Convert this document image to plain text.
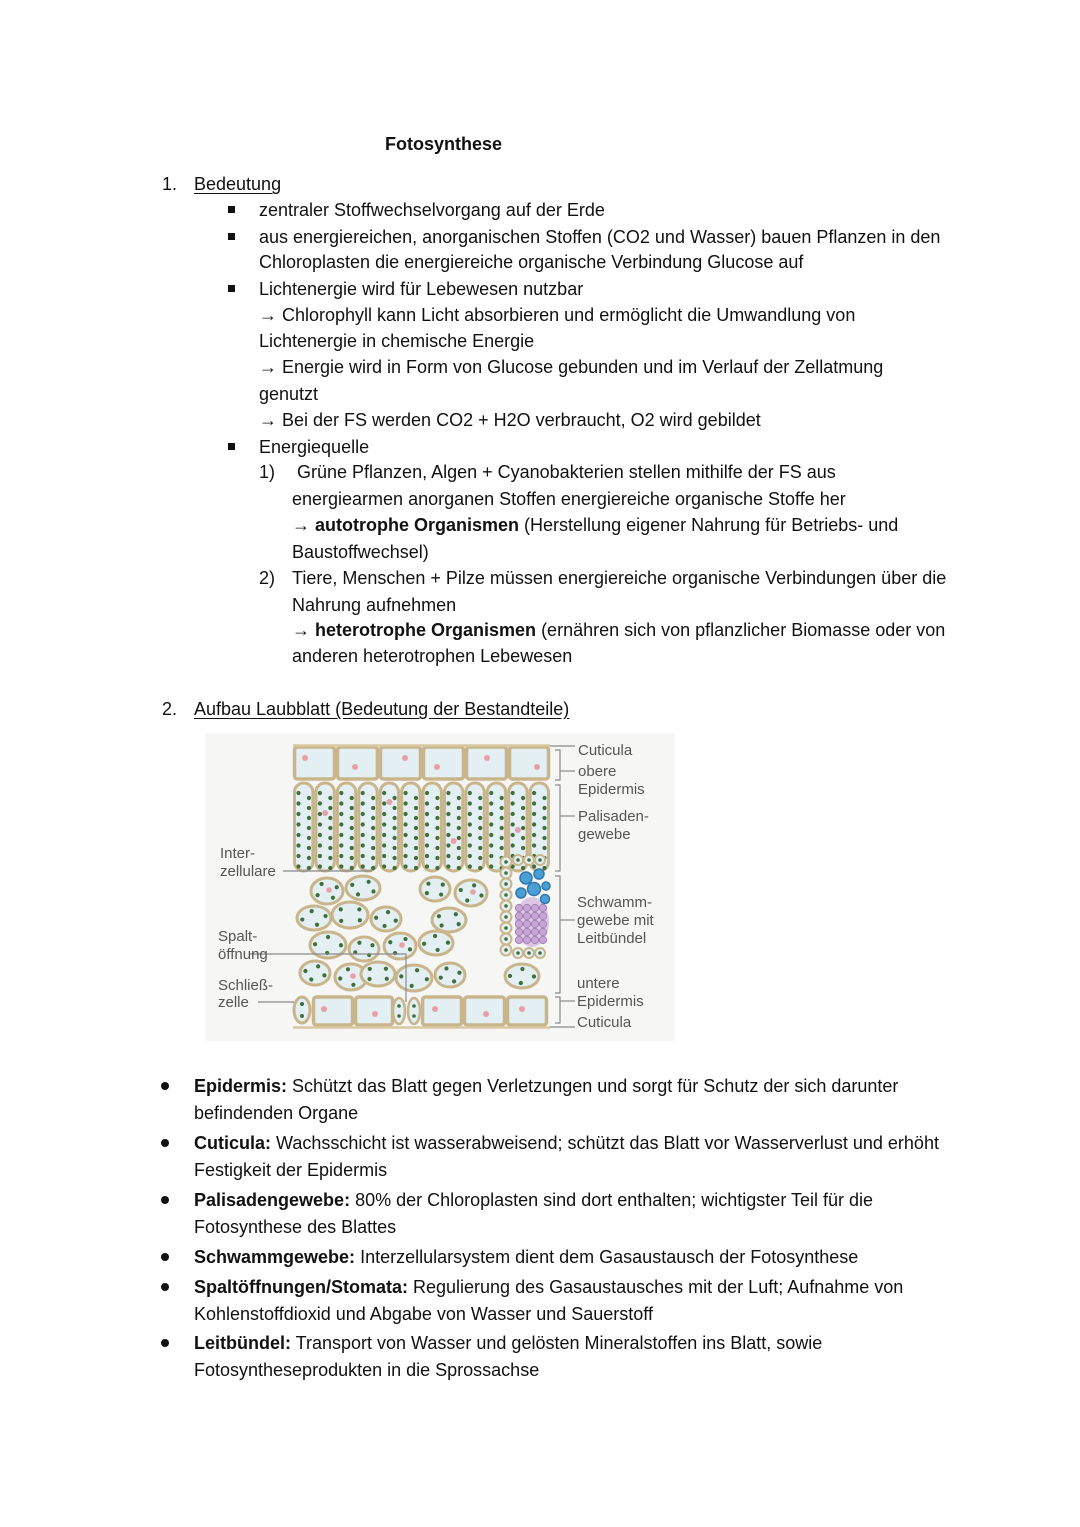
Fotosynthese
1. Bedeutung
zentraler Stoffwechselvorgang auf der Erde
aus energiereichen, anorganischen Stoffen (CO2 und Wasser) bauen Pflanzen in den
Chloroplasten die energiereiche organische Verbindung Glucose auf
Lichtenergie wird für Lebewesen nutzbar
→ Chlorophyll kann Licht absorbieren und ermöglicht die Umwandlung von
Lichtenergie in chemische Energie
→ Energie wird in Form von Glucose gebunden und im Verlauf der Zellatmung
genutzt
→ Bei der FS werden CO2 + H2O verbraucht, O2 wird gebildet
Energiequelle
1) Grüne Pflanzen, Algen + Cyanobakterien stellen mithilfe der FS aus
energiearmen anorganen Stoffen energiereiche organische Stoffe her
→ autotrophe Organismen (Herstellung eigener Nahrung für Betriebs- und
Baustoffwechsel)
2) Tiere, Menschen + Pilze müssen energiereiche organische Verbindungen über die
Nahrung aufnehmen
→ heterotrophe Organismen (ernähren sich von pflanzlicher Biomasse oder von
anderen heterotrophen Lebewesen
2. Aufbau Laubblatt (Bedeutung der Bestandteile)
Cuticula
obere
Epidermis
Palisaden-
gewebe
Schwamm-
gewebe mit
Leitbündel
untere
Epidermis
Cuticula
Inter-
zellulare
Spalt-
öffnung
Schließ-
zelle
Epidermis: Schützt das Blatt gegen Verletzungen und sorgt für Schutz der sich darunter
befindenden Organe
Cuticula: Wachsschicht ist wasserabweisend; schützt das Blatt vor Wasserverlust und erhöht
Festigkeit der Epidermis
Palisadengewebe: 80% der Chloroplasten sind dort enthalten; wichtigster Teil für die
Fotosynthese des Blattes
Schwammgewebe: Interzellularsystem dient dem Gasaustausch der Fotosynthese
Spaltöffnungen/Stomata: Regulierung des Gasaustausches mit der Luft; Aufnahme von
Kohlenstoffdioxid und Abgabe von Wasser und Sauerstoff
Leitbündel: Transport von Wasser und gelösten Mineralstoffen ins Blatt, sowie
Fotosyntheseprodukten in die Sprossachse
